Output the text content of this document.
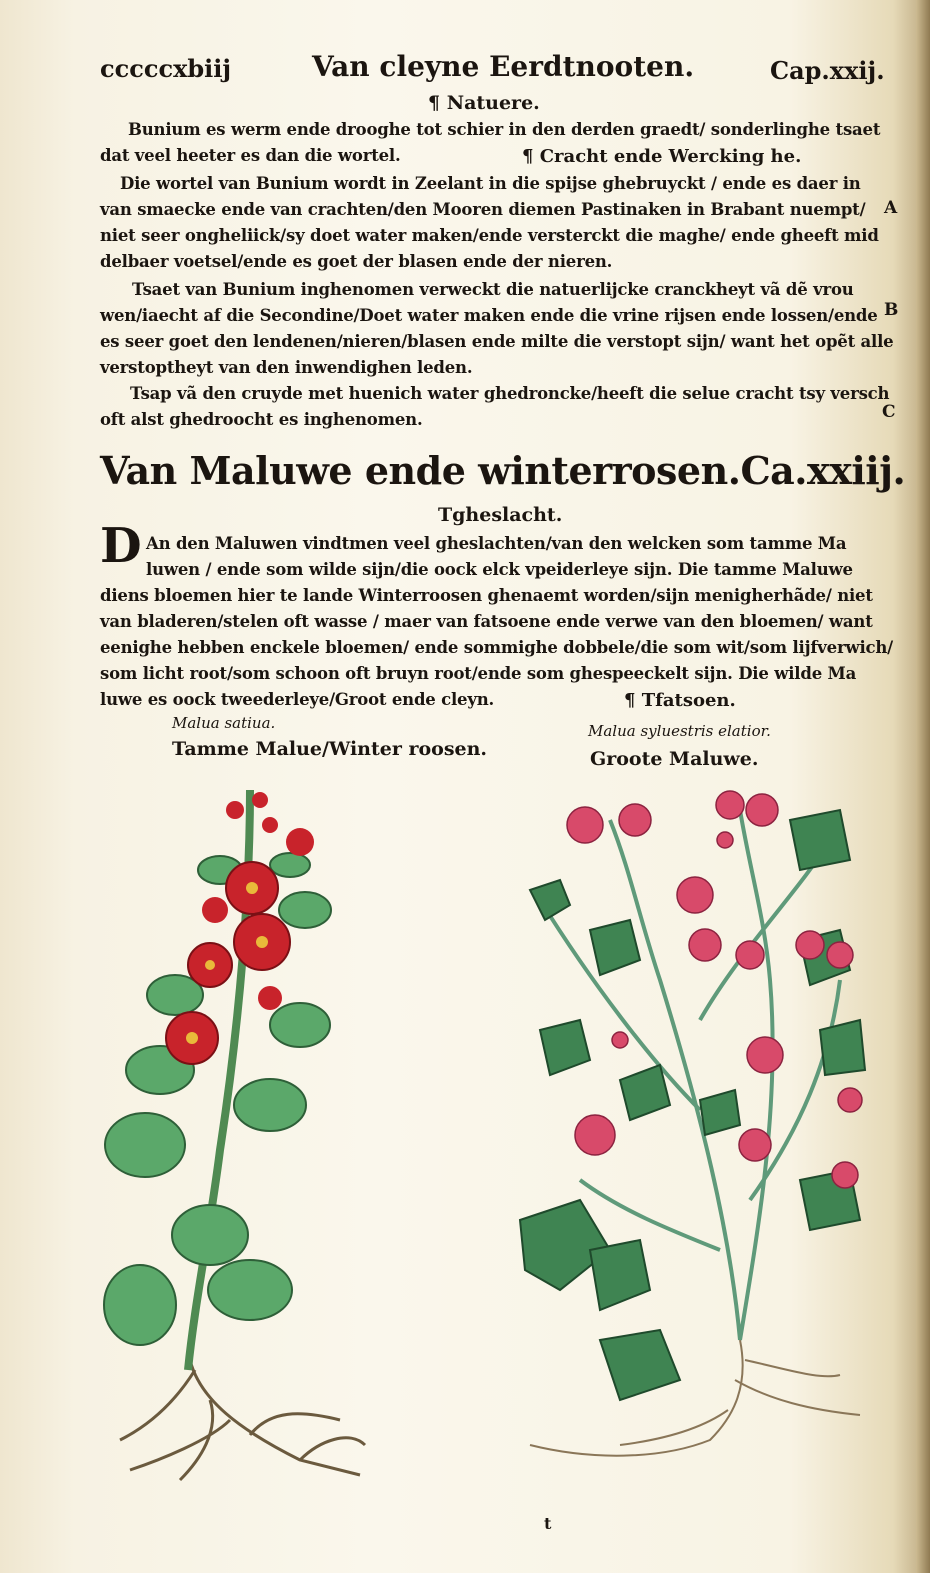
cccccxbiij	Van cleyne Eerdtnooten.	Cap.xxij.
¶ Natuere.
Bunium es werm ende drooghe tot schier in den derden graedt/ sonderlinghe tsaet
dat veel heeter es dan die wortel.	¶ Cracht ende Wercking he.
Die wortel van Bunium wordt in Zeelant in die spijse ghebruyckt / ende es daer in
van smaecke ende van crachten/den Mooren diemen Pastinaken in Brabant nuempt/
niet seer ongheliick/sy doet water maken/ende versterckt die maghe/ ende gheeft mid
delbaer voetsel/ende es goet der blasen ende der nieren.
Tsaet van Bunium inghenomen verweckt die natuerlijcke cranckheyt vã dẽ vrou
wen/iaecht af die Secondine/Doet water maken ende die vrine rijsen ende lossen/ende
es seer goet den lendenen/nieren/blasen ende milte die verstopt sijn/ want het opẽt alle
verstoptheyt van den inwendighen leden.
Tsap vã den cruyde met huenich water ghedroncke/heeft die selue cracht tsy versch
oft alst ghedroocht es inghenomen.
A
B
C
Van Maluwe ende winterrosen.Ca.xxiij.
Tgheslacht.
D An den Maluwen vindtmen veel gheslachten/van den welcken som tamme Ma
luwen / ende som wilde sijn/die oock elck vpeiderleye sijn. Die tamme Maluwe
diens bloemen hier te lande Winterroosen ghenaemt worden/sijn menigherhãde/ niet
van bladeren/stelen oft wasse / maer van fatsoene ende verwe van den bloemen/ want
eenighe hebben enckele bloemen/ ende sommighe dobbele/die som wit/som lijfverwich/
som licht root/som schoon oft bruyn root/ende som ghespeeckelt sijn. Die wilde Ma
luwe es oock tweederleye/Groot ende cleyn.	¶ Tfatsoen.
Malua satiua.
Tamme Malue/Winter roosen.
Malua syluestris elatior.
Groote Maluwe.
t
